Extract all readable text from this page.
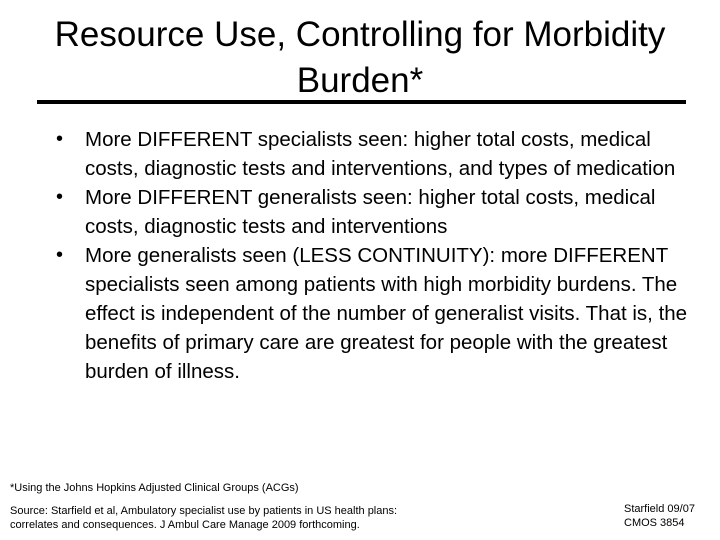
Resource Use, Controlling for Morbidity
Burden*
• More DIFFERENT specialists seen: higher total costs, medical costs, diagnostic tests and interventions, and types of medication
• More DIFFERENT generalists seen: higher total costs, medical costs, diagnostic tests and interventions
• More generalists seen (LESS CONTINUITY): more DIFFERENT specialists seen among patients with high morbidity burdens. The effect is independent of the number of generalist visits. That is, the benefits of primary care are greatest for people with the greatest burden of illness.

*Using the Johns Hopkins Adjusted Clinical Groups (ACGs)

Source: Starfield et al, Ambulatory specialist use by patients in US health plans:
correlates and consequences. J Ambul Care Manage 2009 forthcoming.

Starfield 09/07
CMOS 3854
